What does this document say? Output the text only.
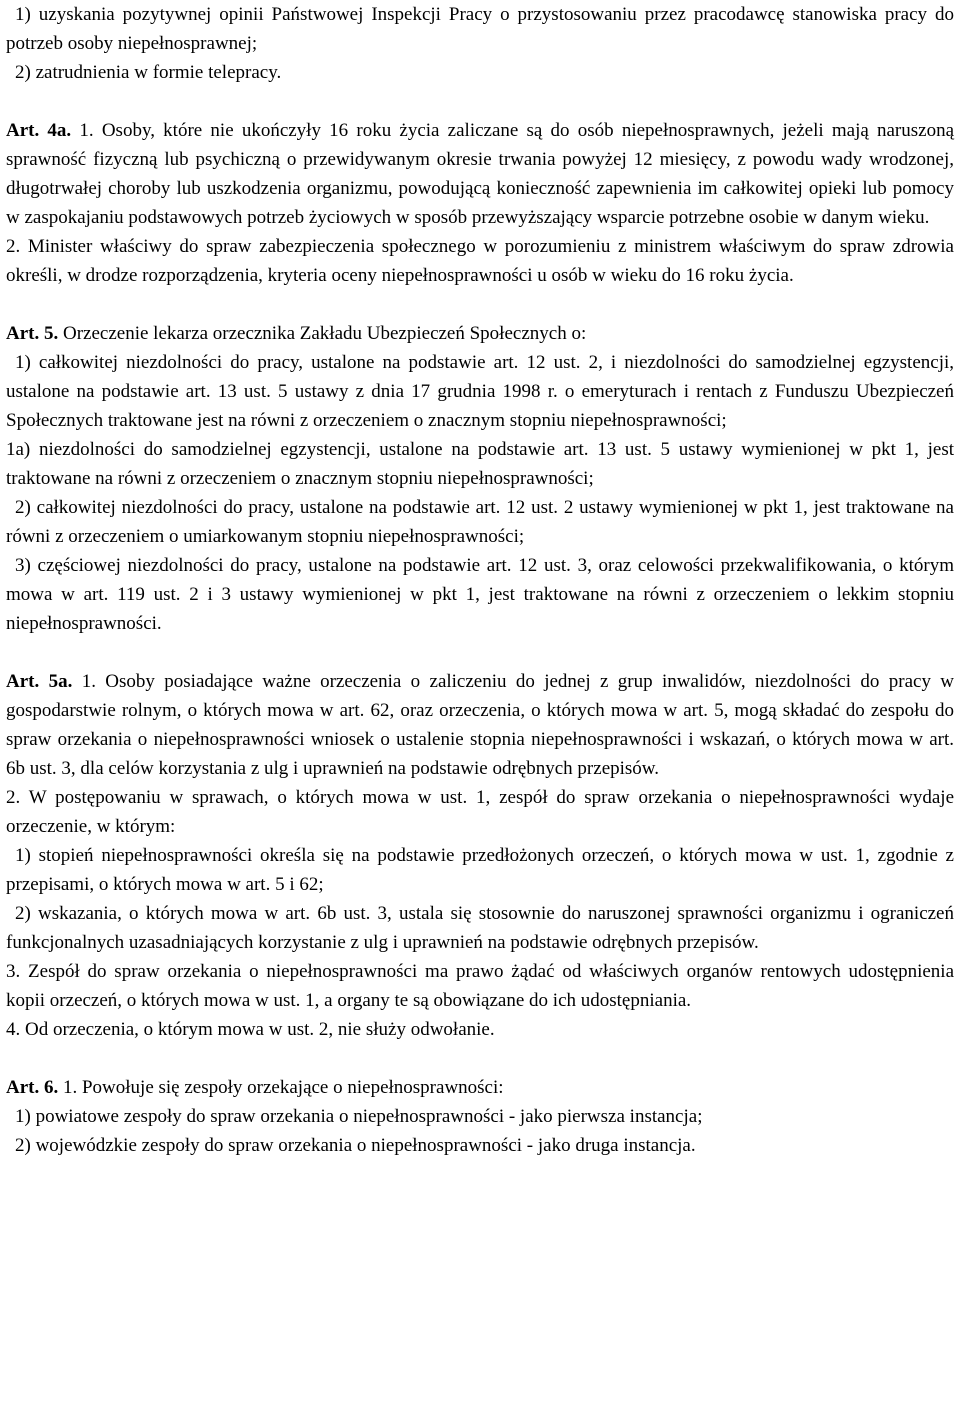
1) uzyskania pozytywnej opinii Państwowej Inspekcji Pracy o przystosowaniu przez pracodawcę stanowiska pracy do potrzeb osoby niepełnosprawnej;

2) zatrudnienia w formie telepracy.

Art. 4a. 1. Osoby, które nie ukończyły 16 roku życia zaliczane są do osób niepełnosprawnych, jeżeli mają naruszoną sprawność fizyczną lub psychiczną o przewidywanym okresie trwania powyżej 12 miesięcy, z powodu wady wrodzonej, długotrwałej choroby lub uszkodzenia organizmu, powodującą konieczność zapewnienia im całkowitej opieki lub pomocy w zaspokajaniu podstawowych potrzeb życiowych w sposób przewyższający wsparcie potrzebne osobie w danym wieku.

2. Minister właściwy do spraw zabezpieczenia społecznego w porozumieniu z ministrem właściwym do spraw zdrowia określi, w drodze rozporządzenia, kryteria oceny niepełnosprawności u osób w wieku do 16 roku życia.

Art. 5. Orzeczenie lekarza orzecznika Zakładu Ubezpieczeń Społecznych o:

1) całkowitej niezdolności do pracy, ustalone na podstawie art. 12 ust. 2, i niezdolności do samodzielnej egzystencji, ustalone na podstawie art. 13 ust. 5 ustawy z dnia 17 grudnia 1998 r. o emeryturach i rentach z Funduszu Ubezpieczeń Społecznych traktowane jest na równi z orzeczeniem o znacznym stopniu niepełnosprawności;

1a) niezdolności do samodzielnej egzystencji, ustalone na podstawie art. 13 ust. 5 ustawy wymienionej w pkt 1, jest traktowane na równi z orzeczeniem o znacznym stopniu niepełnosprawności;

2) całkowitej niezdolności do pracy, ustalone na podstawie art. 12 ust. 2 ustawy wymienionej w pkt 1, jest traktowane na równi z orzeczeniem o umiarkowanym stopniu niepełnosprawności;

3) częściowej niezdolności do pracy, ustalone na podstawie art. 12 ust. 3, oraz celowości przekwalifikowania, o którym mowa w art. 119 ust. 2 i 3 ustawy wymienionej w pkt 1, jest traktowane na równi z orzeczeniem o lekkim stopniu niepełnosprawności.

Art. 5a. 1. Osoby posiadające ważne orzeczenia o zaliczeniu do jednej z grup inwalidów, niezdolności do pracy w gospodarstwie rolnym, o których mowa w art. 62, oraz orzeczenia, o których mowa w art. 5, mogą składać do zespołu do spraw orzekania o niepełnosprawności wniosek o ustalenie stopnia niepełnosprawności i wskazań, o których mowa w art. 6b ust. 3, dla celów korzystania z ulg i uprawnień na podstawie odrębnych przepisów.

2. W postępowaniu w sprawach, o których mowa w ust. 1, zespół do spraw orzekania o niepełnosprawności wydaje orzeczenie, w którym:

1) stopień niepełnosprawności określa się na podstawie przedłożonych orzeczeń, o których mowa w ust. 1, zgodnie z przepisami, o których mowa w art. 5 i 62;

2) wskazania, o których mowa w art. 6b ust. 3, ustala się stosownie do naruszonej sprawności organizmu i ograniczeń funkcjonalnych uzasadniających korzystanie z ulg i uprawnień na podstawie odrębnych przepisów.

3. Zespół do spraw orzekania o niepełnosprawności ma prawo żądać od właściwych organów rentowych udostępnienia kopii orzeczeń, o których mowa w ust. 1, a organy te są obowiązane do ich udostępniania.

4. Od orzeczenia, o którym mowa w ust. 2, nie służy odwołanie.

Art. 6. 1. Powołuje się zespoły orzekające o niepełnosprawności:

1) powiatowe zespoły do spraw orzekania o niepełnosprawności - jako pierwsza instancja;

2) wojewódzkie zespoły do spraw orzekania o niepełnosprawności - jako druga instancja.
